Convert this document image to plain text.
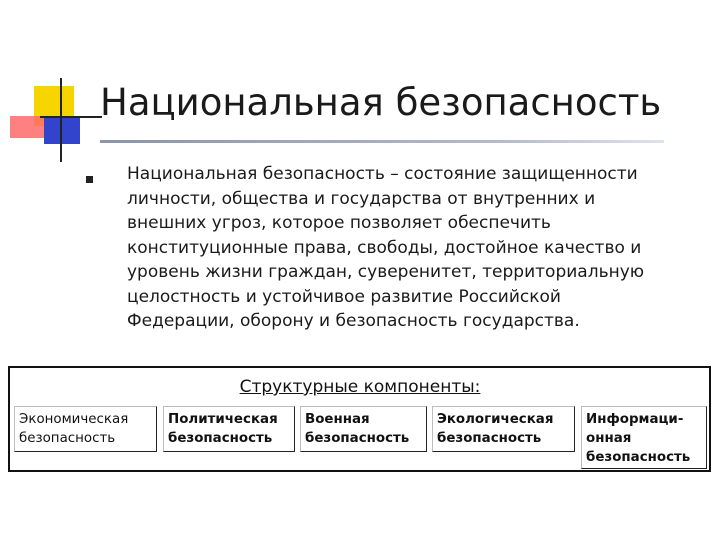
Национальная безопасность

Национальная безопасность – состояние защищенности личности, общества и государства от внутренних и внешних угроз, которое позволяет обеспечить конституционные права, свободы, достойное качество и уровень жизни граждан, суверенитет, территориальную целостность и устойчивое развитие Российской Федерации, оборону и безопасность государства.

Структурные компоненты:
Экономическая
безопасность
Политическая
безопасность
Военная
безопасность
Экологическая
безопасность
Информаци-
онная
безопасность
